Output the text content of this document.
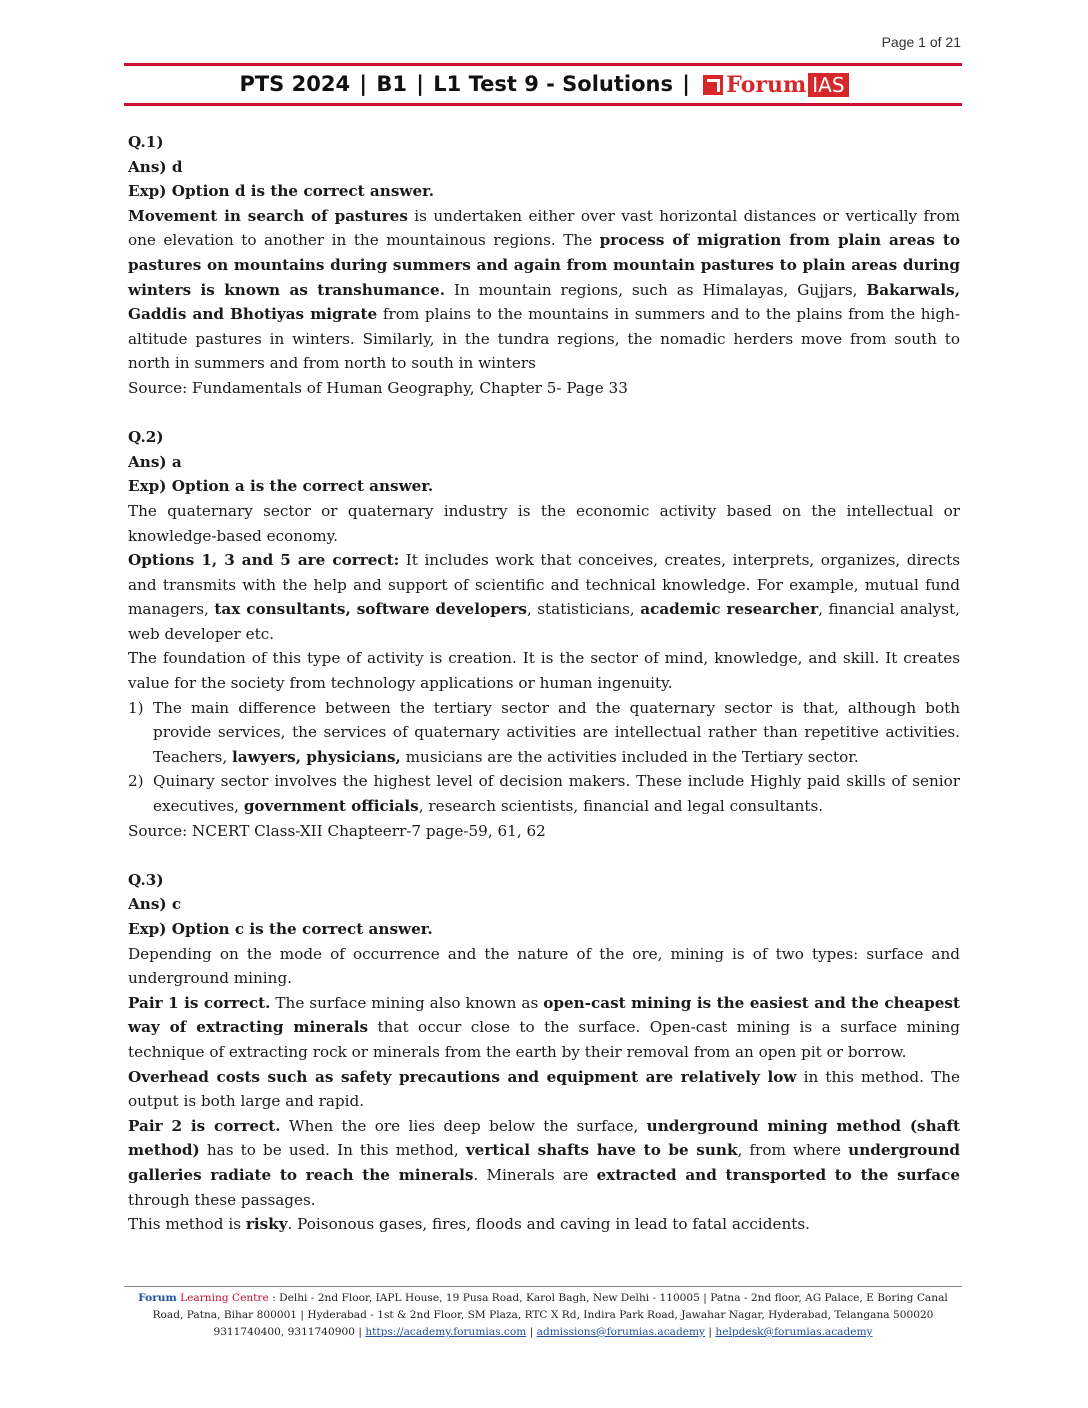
Page 1 of 21
PTS 2024 | B1 | L1 Test 9 - Solutions | Forum IAS

Q.1)

Ans) d

Exp) Option d is the correct answer.

Movement in search of pastures is undertaken either over vast horizontal distances or vertically from one elevation to another in the mountainous regions. The process of migration from plain areas to pastures on mountains during summers and again from mountain pastures to plain areas during winters is known as transhumance. In mountain regions, such as Himalayas, Gujjars, Bakarwals, Gaddis and Bhotiyas migrate from plains to the mountains in summers and to the plains from the high-altitude pastures in winters. Similarly, in the tundra regions, the nomadic herders move from south to north in summers and from north to south in winters

Source: Fundamentals of Human Geography, Chapter 5- Page 33

Q.2)

Ans) a

Exp) Option a is the correct answer.

The quaternary sector or quaternary industry is the economic activity based on the intellectual or knowledge-based economy.

Options 1, 3 and 5 are correct: It includes work that conceives, creates, interprets, organizes, directs and transmits with the help and support of scientific and technical knowledge. For example, mutual fund managers, tax consultants, software developers, statisticians, academic researcher, financial analyst, web developer etc.

The foundation of this type of activity is creation. It is the sector of mind, knowledge, and skill. It creates value for the society from technology applications or human ingenuity.

1) The main difference between the tertiary sector and the quaternary sector is that, although both provide services, the services of quaternary activities are intellectual rather than repetitive activities. Teachers, lawyers, physicians, musicians are the activities included in the Tertiary sector.
2) Quinary sector involves the highest level of decision makers. These include Highly paid skills of senior executives, government officials, research scientists, financial and legal consultants.

Source: NCERT Class-XII Chapteerr-7 page-59, 61, 62

Q.3)

Ans) c

Exp) Option c is the correct answer.

Depending on the mode of occurrence and the nature of the ore, mining is of two types: surface and underground mining.

Pair 1 is correct. The surface mining also known as open-cast mining is the easiest and the cheapest way of extracting minerals that occur close to the surface. Open-cast mining is a surface mining technique of extracting rock or minerals from the earth by their removal from an open pit or borrow.

Overhead costs such as safety precautions and equipment are relatively low in this method. The output is both large and rapid.

Pair 2 is correct. When the ore lies deep below the surface, underground mining method (shaft method) has to be used. In this method, vertical shafts have to be sunk, from where underground galleries radiate to reach the minerals. Minerals are extracted and transported to the surface through these passages.

This method is risky. Poisonous gases, fires, floods and caving in lead to fatal accidents.

Forum Learning Centre : Delhi - 2nd Floor, IAPL House, 19 Pusa Road, Karol Bagh, New Delhi - 110005 | Patna - 2nd floor, AG Palace, E Boring Canal Road, Patna, Bihar 800001 | Hyderabad - 1st & 2nd Floor, SM Plaza, RTC X Rd, Indira Park Road, Jawahar Nagar, Hyderabad, Telangana 500020
9311740400, 9311740900 | https://academy.forumias.com | admissions@forumias.academy | helpdesk@forumias.academy
